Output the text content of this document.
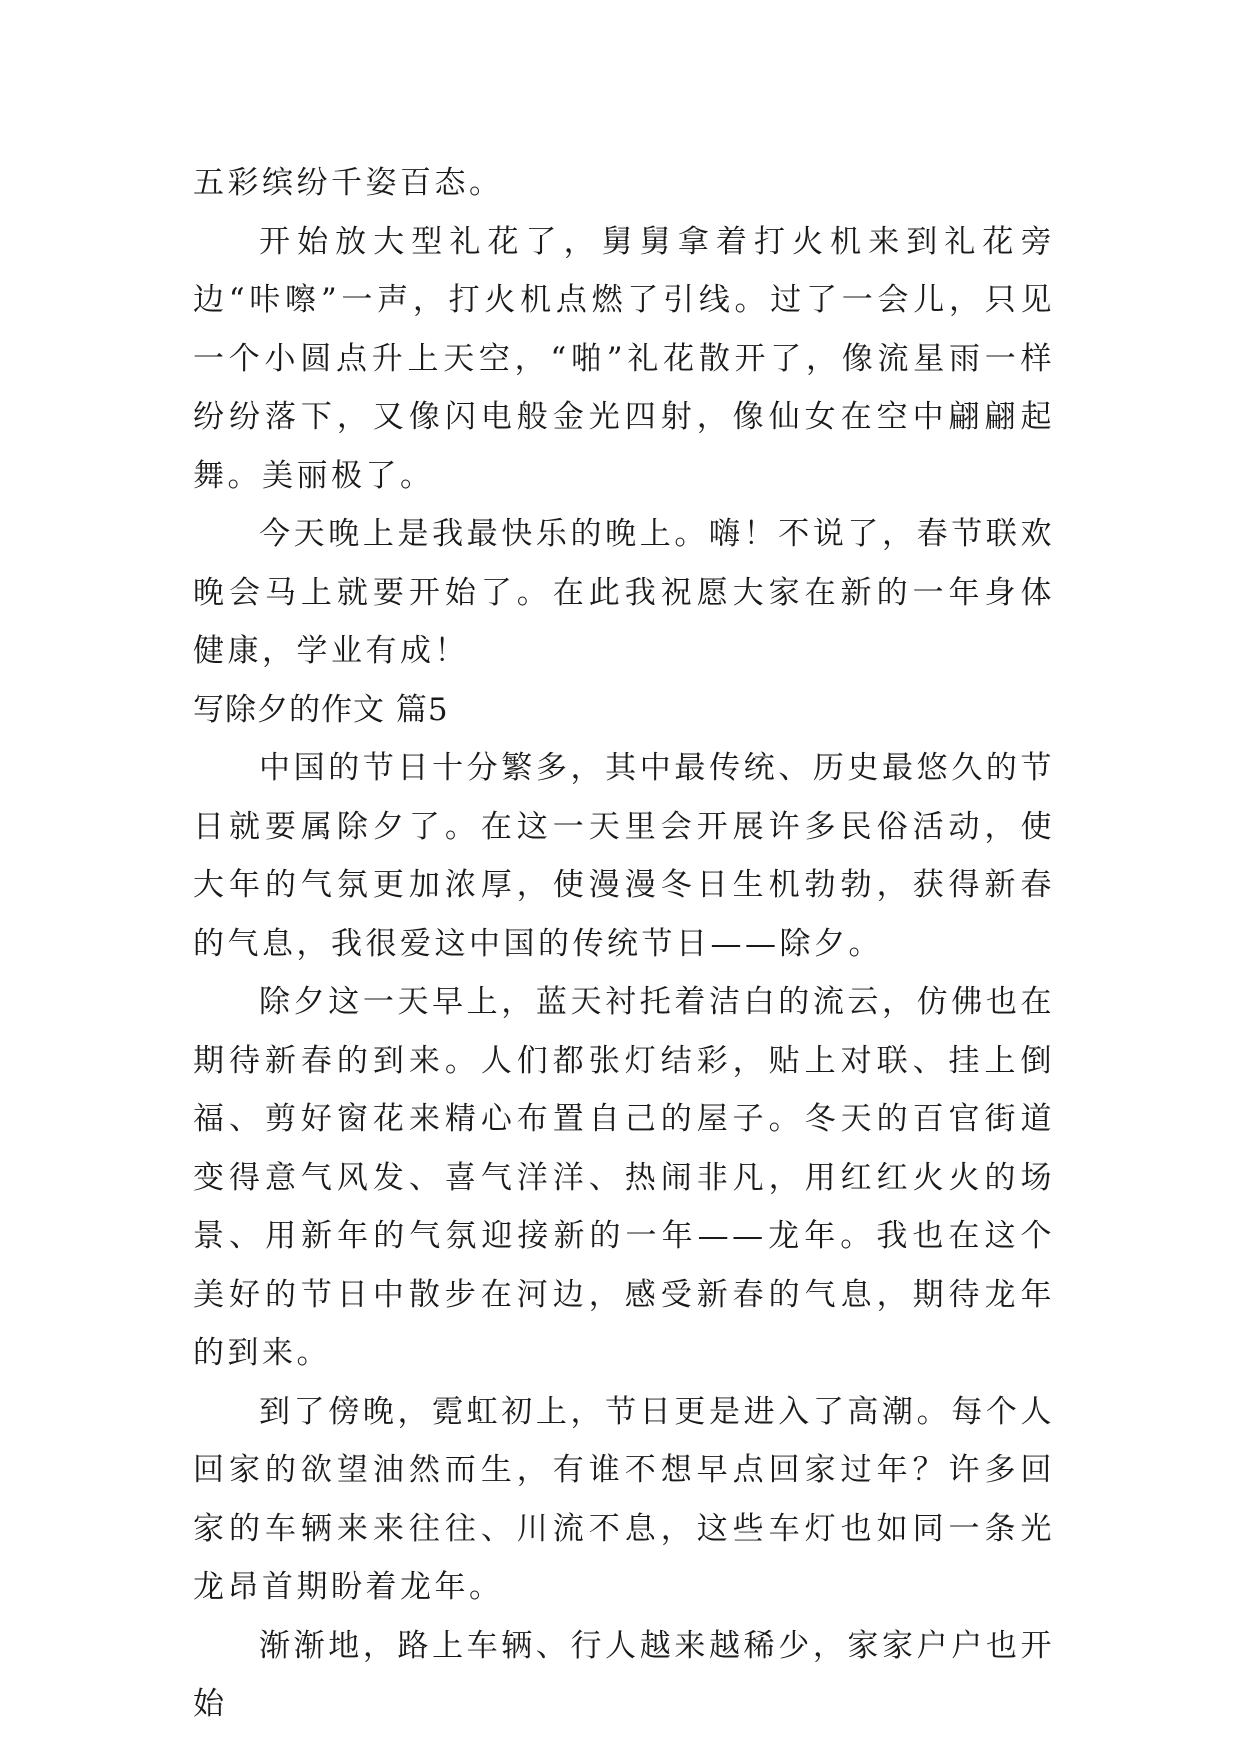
五彩缤纷千姿百态。

开始放大型礼花了，舅舅拿着打火机来到礼花旁边“咔嚓”一声，打火机点燃了引线。过了一会儿，只见一个小圆点升上天空，“啪”礼花散开了，像流星雨一样纷纷落下，又像闪电般金光四射，像仙女在空中翩翩起舞。美丽极了。

今天晚上是我最快乐的晚上。嗨！不说了，春节联欢晚会马上就要开始了。在此我祝愿大家在新的一年身体健康，学业有成！

写除夕的作文 篇5

中国的节日十分繁多，其中最传统、历史最悠久的节日就要属除夕了。在这一天里会开展许多民俗活动，使大年的气氛更加浓厚，使漫漫冬日生机勃勃，获得新春的气息，我很爱这中国的传统节日——除夕。

除夕这一天早上，蓝天衬托着洁白的流云，仿佛也在期待新春的到来。人们都张灯结彩，贴上对联、挂上倒福、剪好窗花来精心布置自己的屋子。冬天的百官街道变得意气风发、喜气洋洋、热闹非凡，用红红火火的场景、用新年的气氛迎接新的一年——龙年。我也在这个美好的节日中散步在河边，感受新春的气息，期待龙年的到来。

到了傍晚，霓虹初上，节日更是进入了高潮。每个人回家的欲望油然而生，有谁不想早点回家过年？许多回家的车辆来来往往、川流不息，这些车灯也如同一条光龙昂首期盼着龙年。

渐渐地，路上车辆、行人越来越稀少，家家户户也开始
